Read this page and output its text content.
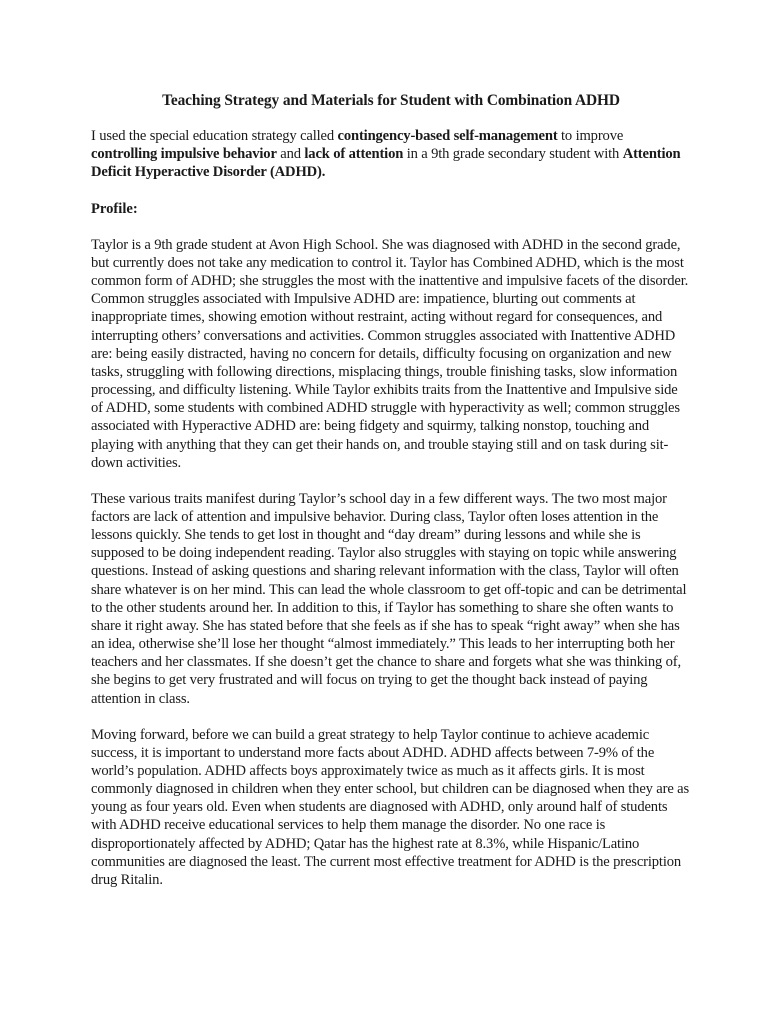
Teaching Strategy and Materials for Student with Combination ADHD

I used the special education strategy called contingency-based self-management to improve controlling impulsive behavior and lack of attention in a 9th grade secondary student with Attention Deficit Hyperactive Disorder (ADHD).

Profile:

Taylor is a 9th grade student at Avon High School. She was diagnosed with ADHD in the second grade, but currently does not take any medication to control it. Taylor has Combined ADHD, which is the most common form of ADHD; she struggles the most with the inattentive and impulsive facets of the disorder. Common struggles associated with Impulsive ADHD are: impatience, blurting out comments at inappropriate times, showing emotion without restraint, acting without regard for consequences, and interrupting others’ conversations and activities. Common struggles associated with Inattentive ADHD are: being easily distracted, having no concern for details, difficulty focusing on organization and new tasks, struggling with following directions, misplacing things, trouble finishing tasks, slow information processing, and difficulty listening. While Taylor exhibits traits from the Inattentive and Impulsive side of ADHD, some students with combined ADHD struggle with hyperactivity as well; common struggles associated with Hyperactive ADHD are: being fidgety and squirmy, talking nonstop, touching and playing with anything that they can get their hands on, and trouble staying still and on task during sit-down activities.

These various traits manifest during Taylor’s school day in a few different ways. The two most major factors are lack of attention and impulsive behavior. During class, Taylor often loses attention in the lessons quickly. She tends to get lost in thought and “day dream” during lessons and while she is supposed to be doing independent reading. Taylor also struggles with staying on topic while answering questions. Instead of asking questions and sharing relevant information with the class, Taylor will often share whatever is on her mind. This can lead the whole classroom to get off-topic and can be detrimental to the other students around her. In addition to this, if Taylor has something to share she often wants to share it right away. She has stated before that she feels as if she has to speak “right away” when she has an idea, otherwise she’ll lose her thought “almost immediately.” This leads to her interrupting both her teachers and her classmates. If she doesn’t get the chance to share and forgets what she was thinking of, she begins to get very frustrated and will focus on trying to get the thought back instead of paying attention in class.

Moving forward, before we can build a great strategy to help Taylor continue to achieve academic success, it is important to understand more facts about ADHD. ADHD affects between 7-9% of the world’s population. ADHD affects boys approximately twice as much as it affects girls. It is most commonly diagnosed in children when they enter school, but children can be diagnosed when they are as young as four years old. Even when students are diagnosed with ADHD, only around half of students with ADHD receive educational services to help them manage the disorder. No one race is disproportionately affected by ADHD; Qatar has the highest rate at 8.3%, while Hispanic/Latino communities are diagnosed the least. The current most effective treatment for ADHD is the prescription drug Ritalin.
